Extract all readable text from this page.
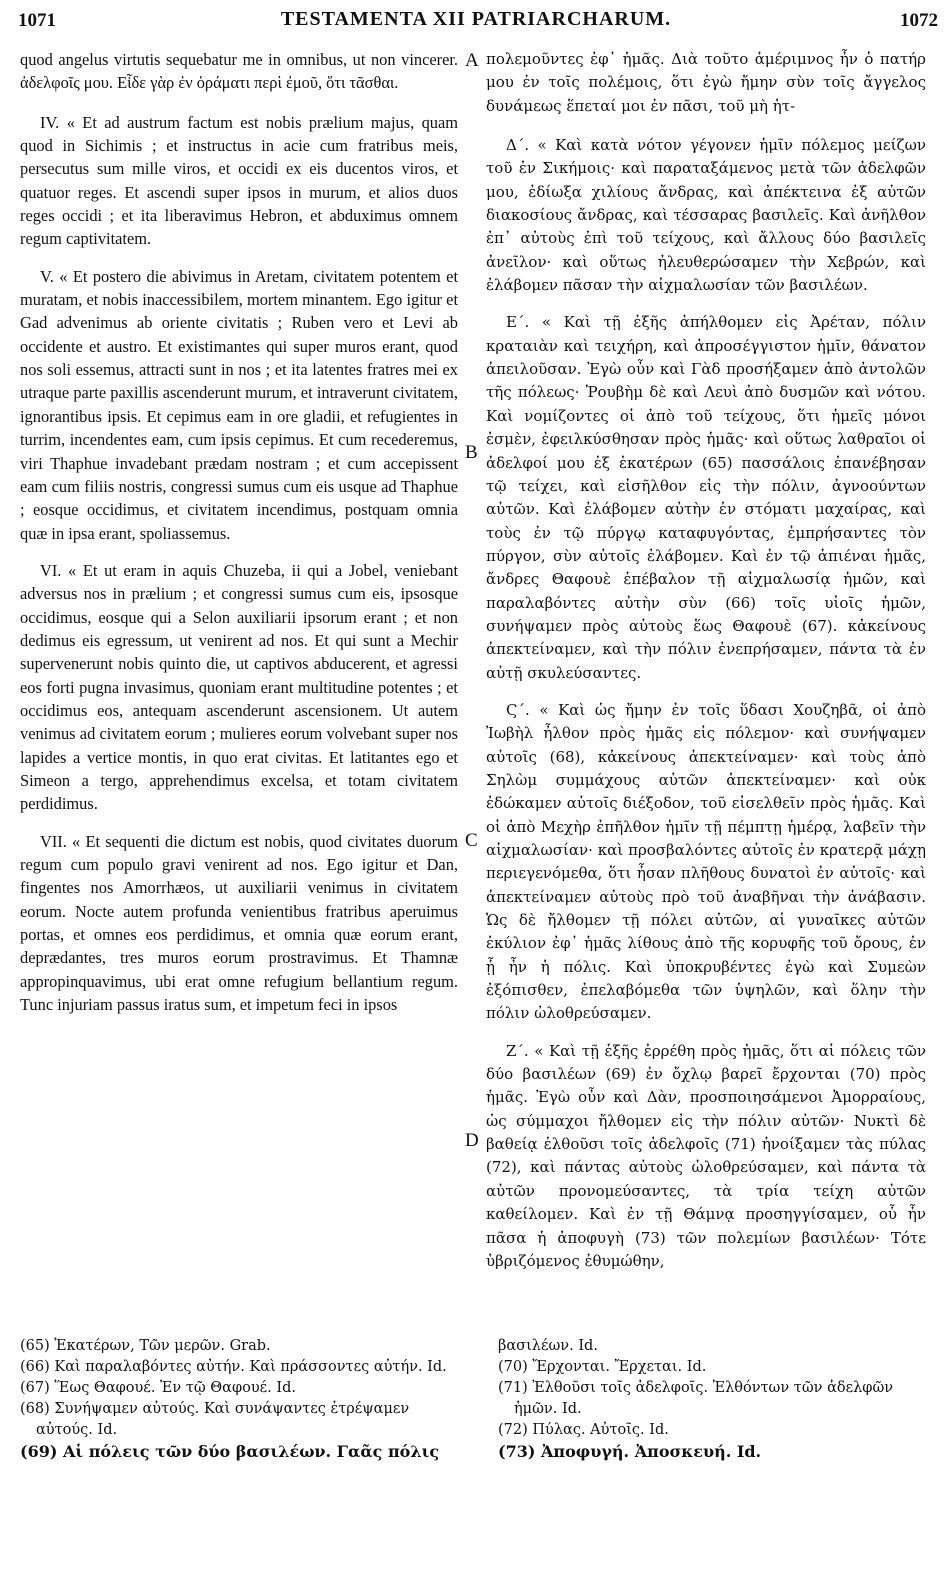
1071	TESTAMENTA XII PATRIARCHARUM.	1072

quod angelus virtutis sequebatur me in omnibus, ut non vincerer. ἀδελφοῖς μου. Εἶδε γὰρ ἐν ὁράματι περὶ ἐμοῦ, ὅτι τᾶσθαι.

IV. « Et ad austrum factum est nobis prælium majus, quam quod in Sichimis ; et instructus in acie cum fratribus meis, persecutus sum mille viros, et occidi ex eis ducentos viros, et quatuor reges. Et ascendi super ipsos in murum, et alios duos reges occidi ; et ita liberavimus Hebron, et abduximus omnem regum captivitatem.

V. « Et postero die abivimus in Aretam, civitatem potentem et muratam, et nobis inaccessibilem, mortem minantem. Ego igitur et Gad advenimus ab oriente civitatis ; Ruben vero et Levi ab occidente et austro. Et existimantes qui super muros erant, quod nos soli essemus, attracti sunt in nos ; et ita latentes fratres mei ex utraque parte paxillis ascenderunt murum, et intraverunt civitatem, ignorantibus ipsis. Et cepimus eam in ore gladii, et refugientes in turrim, incendentes eam, cum ipsis cepimus. Et cum recederemus, viri Thaphue invadebant prædam nostram ; et cum accepissent eam cum filiis nostris, congressi sumus cum eis usque ad Thaphue ; eosque occidimus, et civitatem incendimus, postquam omnia quæ in ipsa erant, spoliassemus.

VI. « Et ut eram in aquis Chuzeba, ii qui a Jobel, veniebant adversus nos in prælium ; et congressi sumus cum eis, ipsosque occidimus, eosque qui a Selon auxiliarii ipsorum erant ; et non dedimus eis egressum, ut venirent ad nos. Et qui sunt a Mechir supervenerunt nobis quinto die, ut captivos abducerent, et agressi eos forti pugna invasimus, quoniam erant multitudine potentes ; et occidimus eos, antequam ascenderunt ascensionem. Ut autem venimus ad civitatem eorum ; mulieres eorum volvebant super nos lapides a vertice montis, in quo erat civitas. Et latitantes ego et Simeon a tergo, apprehendimus excelsa, et totam civitatem perdidimus.

VII. « Et sequenti die dictum est nobis, quod civitates duorum regum cum populo gravi venirent ad nos. Ego igitur et Dan, fingentes nos Amorrhæos, ut auxiliarii venimus in civitatem eorum. Nocte autem profunda venientibus fratribus aperuimus portas, et omnes eos perdidimus, et omnia quæ eorum erant, deprædantes, tres muros eorum prostravimus. Et Thamnæ appropinquavimus, ubi erat omne refugium bellantium regum. Tunc injuriam passus iratus sum, et impetum feci in ipsos

A
B
C
D

πολεμοῦντες ἐφ᾽ ἡμᾶς. Διὰ τοῦτο ἀμέριμνος ἦν ὁ πατήρ μου ἐν τοῖς πολέμοις, ὅτι ἐγὼ ἤμην σὺν τοῖς ἄγγελος δυνάμεως ἕπεταί μοι ἐν πᾶσι, τοῦ μὴ ἡτ-

Δ΄. « Καὶ κατὰ νότον γέγονεν ἡμῖν πόλεμος μείζων τοῦ ἐν Σικήμοις· καὶ παραταξάμενος μετὰ τῶν ἀδελφῶν μου, ἐδίωξα χιλίους ἄνδρας, καὶ ἀπέκτεινα ἐξ αὐτῶν διακοσίους ἄνδρας, καὶ τέσσαρας βασιλεῖς. Καὶ ἀνῆλθον ἐπ᾽ αὐτοὺς ἐπὶ τοῦ τείχους, καὶ ἄλλους δύο βασιλεῖς ἀνεῖλον· καὶ οὕτως ἠλευθερώσαμεν τὴν Χεβρών, καὶ ἐλάβομεν πᾶσαν τὴν αἰχμαλωσίαν τῶν βασιλέων.

Ε΄. « Καὶ τῇ ἐξῆς ἀπήλθομεν εἰς Ἀρέταν, πόλιν κραταιὰν καὶ τειχήρη, καὶ ἀπροσέγγιστον ἡμῖν, θάνατον ἀπειλοῦσαν. Ἐγὼ οὖν καὶ Γὰδ προσήξαμεν ἀπὸ ἀντολῶν τῆς πόλεως· Ῥουβὴμ δὲ καὶ Λευὶ ἀπὸ δυσμῶν καὶ νότου. Καὶ νομίζοντες οἱ ἀπὸ τοῦ τείχους, ὅτι ἡμεῖς μόνοι ἐσμὲν, ἐφειλκύσθησαν πρὸς ἡμᾶς· καὶ οὕτως λαθραῖοι οἱ ἀδελφοί μου ἐξ ἑκατέρων (65) πασσάλοις ἐπανέβησαν τῷ τείχει, καὶ εἰσῆλθον εἰς τὴν πόλιν, ἀγνοούντων αὐτῶν. Καὶ ἐλάβομεν αὐτὴν ἐν στόματι μαχαίρας, καὶ τοὺς ἐν τῷ πύργῳ καταφυγόντας, ἐμπρήσαντες τὸν πύργον, σὺν αὐτοῖς ἐλάβομεν. Καὶ ἐν τῷ ἀπιέναι ἡμᾶς, ἄνδρες Θαφουὲ ἐπέβαλον τῇ αἰχμαλωσίᾳ ἡμῶν, καὶ παραλαβόντες αὐτὴν σὺν (66) τοῖς υἱοῖς ἡμῶν, συνήψαμεν πρὸς αὐτοὺς ἕως Θαφουὲ (67). κἀκείνους ἀπεκτείναμεν, καὶ τὴν πόλιν ἐνεπρήσαμεν, πάντα τὰ ἐν αὐτῇ σκυλεύσαντες.

Ϛ΄. « Καὶ ὡς ἤμην ἐν τοῖς ὕδασι Χουζηβᾶ, οἱ ἀπὸ Ἰωβὴλ ἦλθον πρὸς ἡμᾶς εἰς πόλεμον· καὶ συνήψαμεν αὐτοῖς (68), κἀκείνους ἀπεκτείναμεν· καὶ τοὺς ἀπὸ Σηλὼμ συμμάχους αὐτῶν ἀπεκτείναμεν· καὶ οὐκ ἐδώκαμεν αὐτοῖς διέξοδον, τοῦ εἰσελθεῖν πρὸς ἡμᾶς. Καὶ οἱ ἀπὸ Μεχὴρ ἐπῆλθον ἡμῖν τῇ πέμπτῃ ἡμέρᾳ, λαβεῖν τὴν αἰχμαλωσίαν· καὶ προσβαλόντες αὐτοῖς ἐν κρατερᾷ μάχῃ περιεγενόμεθα, ὅτι ἦσαν πλῆθους δυνατοὶ ἐν αὐτοῖς· καὶ ἀπεκτείναμεν αὐτοὺς πρὸ τοῦ ἀναβῆναι τὴν ἀνάβασιν. Ὡς δὲ ἤλθομεν τῇ πόλει αὐτῶν, αἱ γυναῖκες αὐτῶν ἐκύλιον ἐφ᾽ ἡμᾶς λίθους ἀπὸ τῆς κορυφῆς τοῦ ὄρους, ἐν ᾗ ἦν ἡ πόλις. Καὶ ὑποκρυβέντες ἐγὼ καὶ Συμεὼν ἐξόπισθεν, ἐπελαβόμεθα τῶν ὑψηλῶν, καὶ ὅλην τὴν πόλιν ὠλοθρεύσαμεν.

Ζ΄. « Καὶ τῇ ἐξῆς ἐρρέθη πρὸς ἡμᾶς, ὅτι αἱ πόλεις τῶν δύο βασιλέων (69) ἐν ὄχλῳ βαρεῖ ἔρχονται (70) πρὸς ἡμᾶς. Ἐγὼ οὖν καὶ Δὰν, προσποιησάμενοι Ἀμορραίους, ὡς σύμμαχοι ἤλθομεν εἰς τὴν πόλιν αὐτῶν· Νυκτὶ δὲ βαθείᾳ ἐλθοῦσι τοῖς ἀδελφοῖς (71) ἠνοίξαμεν τὰς πύλας (72), καὶ πάντας αὐτοὺς ὠλοθρεύσαμεν, καὶ πάντα τὰ αὐτῶν προνομεύσαντες, τὰ τρία τείχη αὐτῶν καθείλομεν. Καὶ ἐν τῇ Θάμνᾳ προσηγγίσαμεν, οὗ ἦν πᾶσα ἡ ἀποφυγὴ (73) τῶν πολεμίων βασιλέων· Τότε ὑβριζόμενος ἐθυμώθην,

(65) Ἑκατέρων, Τῶν μερῶν. Grab.

(66) Καὶ παραλαβόντες αὐτήν. Καὶ πράσσοντες αὐτήν. Id.

(67) Ἕως Θαφουέ. Ἐν τῷ Θαφουέ. Id.

(68) Συνήψαμεν αὐτούς. Καὶ συνάψαντες ἐτρέψαμεν αὐτούς. Id.

(69) Αἱ πόλεις τῶν δύο βασιλέων. Γαᾶς πόλις

βασιλέων. Id.

(70) Ἔρχονται. Ἔρχεται. Id.

(71) Ἐλθοῦσι τοῖς ἀδελφοῖς. Ἐλθόντων τῶν ἀδελφῶν ἡμῶν. Id.

(72) Πύλας. Αὐτοῖς. Id.

(73) Ἀποφυγή. Ἀποσκευή. Id.
